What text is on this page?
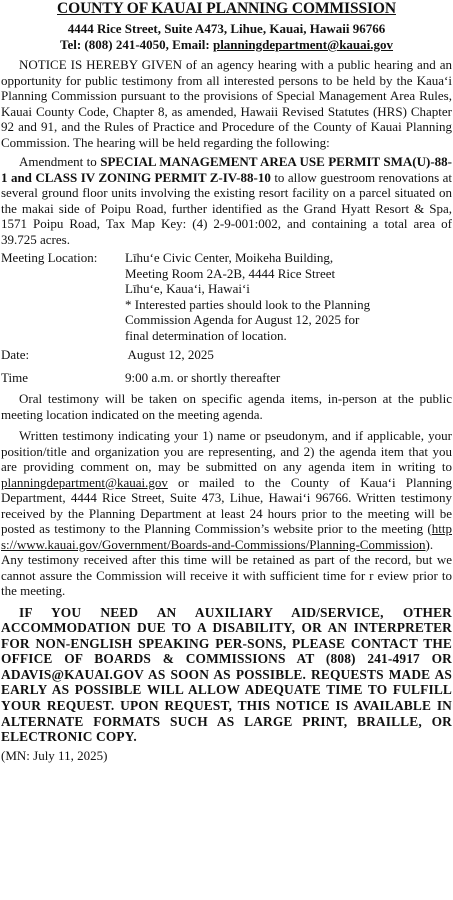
COUNTY OF KAUAI PLANNING COMMISSION

4444 Rice Street, Suite A473, Lihue, Kauai, Hawaii 96766
Tel: (808) 241-4050, Email: planningdepartment@kauai.gov

NOTICE IS HEREBY GIVEN of an agency hearing with a public hearing and an opportunity for public testimony from all interested persons to be held by the Kauaʻi Planning Commission pursuant to the provisions of Special Management Area Rules, Kauai County Code, Chapter 8, as amended, Hawaii Revised Statutes (HRS) Chapter 92 and 91, and the Rules of Practice and Procedure of the County of Kauai Planning Commission. The hearing will be held regarding the following:

Amendment to SPECIAL MANAGEMENT AREA USE PERMIT SMA(U)-88-1 and CLASS IV ZONING PERMIT Z-IV-88-10 to allow guestroom renovations at several ground floor units involving the existing resort facility on a parcel situated on the makai side of Poipu Road, further identified as the Grand Hyatt Resort & Spa, 1571 Poipu Road, Tax Map Key: (4) 2-9-001:002, and containing a total area of 39.725 acres.

Meeting Location:	Līhuʻe Civic Center, Moikeha Building,
Meeting Room 2A-2B, 4444 Rice Street
Līhuʻe, Kauaʻi, Hawaiʻi
* Interested parties should look to the Planning
Commission Agenda for August 12, 2025 for
final determination of location.
Date:	August 12, 2025
Time	9:00 a.m. or shortly thereafter

Oral testimony will be taken on specific agenda items, in-person at the public meeting location indicated on the meeting agenda.

Written testimony indicating your 1) name or pseudonym, and if applicable, your position/title and organization you are representing, and 2) the agenda item that you are providing comment on, may be submitted on any agenda item in writing to planningdepartment@kauai.gov or mailed to the County of Kauaʻi Planning Department, 4444 Rice Street, Suite 473, Lihue, Hawaiʻi 96766. Written testimony received by the Planning Department at least 24 hours prior to the meeting will be posted as testimony to the Planning Commission’s website prior to the meeting (https://www.kauai.gov/Government/Boards-and-Commissions/Planning-Commission). Any testimony received after this time will be retained as part of the record, but we cannot assure the Commission will receive it with sufficient time for r eview prior to the meeting.

IF YOU NEED AN AUXILIARY AID/SERVICE, OTHER ACCOMMODATION DUE TO A DISABILITY, OR AN INTERPRETER FOR NON-ENGLISH SPEAKING PER-SONS, PLEASE CONTACT THE OFFICE OF BOARDS & COMMISSIONS AT (808) 241-4917 OR ADAVIS@KAUAI.GOV AS SOON AS POSSIBLE. REQUESTS MADE AS EARLY AS POSSIBLE WILL ALLOW ADEQUATE TIME TO FULFILL YOUR REQUEST. UPON REQUEST, THIS NOTICE IS AVAILABLE IN ALTERNATE FORMATS SUCH AS LARGE PRINT, BRAILLE, OR ELECTRONIC COPY.

(MN: July 11, 2025)
